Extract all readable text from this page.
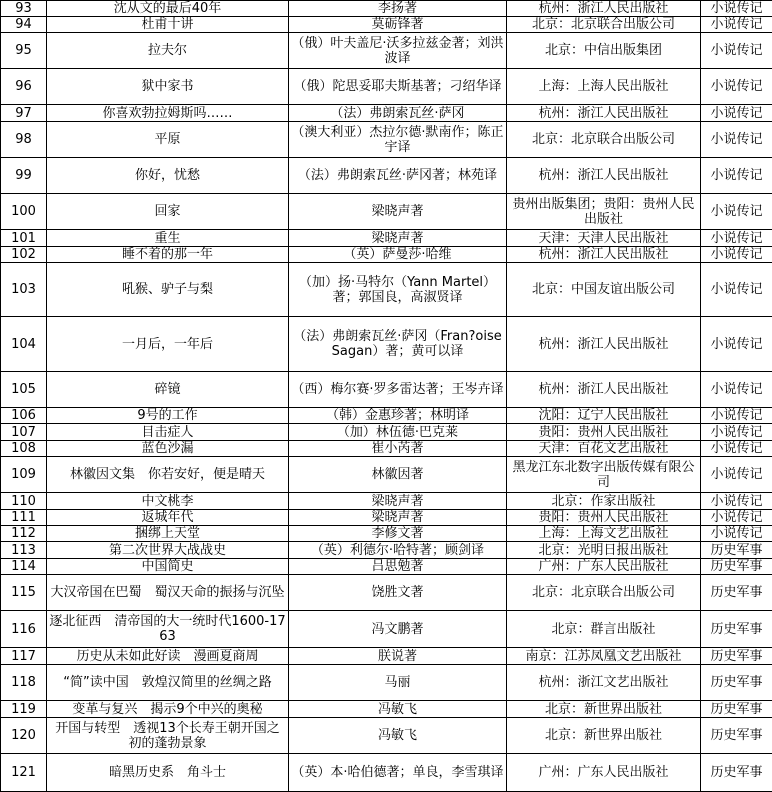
93	沈从文的最后40年	李扬著	杭州：浙江人民出版社	小说传记
94	杜甫十讲	莫砺锋著	北京：北京联合出版公司	小说传记
95	拉夫尔	（俄）叶夫盖尼·沃多拉兹金著；刘洪波译	北京：中信出版集团	小说传记
96	狱中家书	（俄）陀思妥耶夫斯基著；刁绍华译	上海：上海人民出版社	小说传记
97	你喜欢勃拉姆斯吗……	（法）弗朗索瓦丝·萨冈	杭州：浙江人民出版社	小说传记
98	平原	（澳大利亚）杰拉尔德·默南作；陈正宇译	北京：北京联合出版公司	小说传记
99	你好，忧愁	（法）弗朗索瓦丝·萨冈著；林苑译	杭州：浙江人民出版社	小说传记
100	回家	梁晓声著	贵州出版集团；贵阳：贵州人民出版社	小说传记
101	重生	梁晓声著	天津：天津人民出版社	小说传记
102	睡不着的那一年	（英）萨曼莎·哈维	杭州：浙江人民出版社	小说传记
103	吼猴、驴子与梨	（加）扬·马特尔（Yann Martel）著；郭国良，高淑贤译	北京：中国友谊出版公司	小说传记
104	一月后，一年后	（法）弗朗索瓦丝·萨冈（Fran?oise Sagan）著；黄可以译	杭州：浙江人民出版社	小说传记
105	碎镜	（西）梅尔赛·罗多雷达著；王岑卉译	杭州：浙江人民出版社	小说传记
106	9号的工作	（韩）金惠珍著；林明译	沈阳：辽宁人民出版社	小说传记
107	目击症人	（加）林伍德·巴克莱	贵阳：贵州人民出版社	小说传记
108	蓝色沙漏	崔小芮著	天津：百花文艺出版社	小说传记
109	林徽因文集　你若安好，便是晴天	林徽因著	黑龙江东北数字出版传媒有限公司	小说传记
110	中文桃李	梁晓声著	北京：作家出版社	小说传记
111	返城年代	梁晓声著	贵阳：贵州人民出版社	小说传记
112	捆绑上天堂	李修文著	上海：上海文艺出版社	小说传记
113	第二次世界大战战史	（英）利德尔·哈特著；顾剑译	北京：光明日报出版社	历史军事
114	中国简史	吕思勉著	广州：广东人民出版社	历史军事
115	大汉帝国在巴蜀　蜀汉天命的振扬与沉坠	饶胜文著	北京：北京联合出版公司	历史军事
116	逐北征西　清帝国的大一统时代1600-1763	冯文鹏著	北京：群言出版社	历史军事
117	历史从未如此好读　漫画夏商周	朕说著	南京：江苏凤凰文艺出版社	历史军事
118	“简”读中国　敦煌汉简里的丝绸之路	马丽	杭州：浙江文艺出版社	历史军事
119	变革与复兴　揭示9个中兴的奥秘	冯敏飞	北京：新世界出版社	历史军事
120	开国与转型　透视13个长寿王朝开国之初的蓬勃景象	冯敏飞	北京：新世界出版社	历史军事
121	暗黑历史系　角斗士	（英）本·哈伯德著；单良，李雪琪译	广州：广东人民出版社	历史军事
